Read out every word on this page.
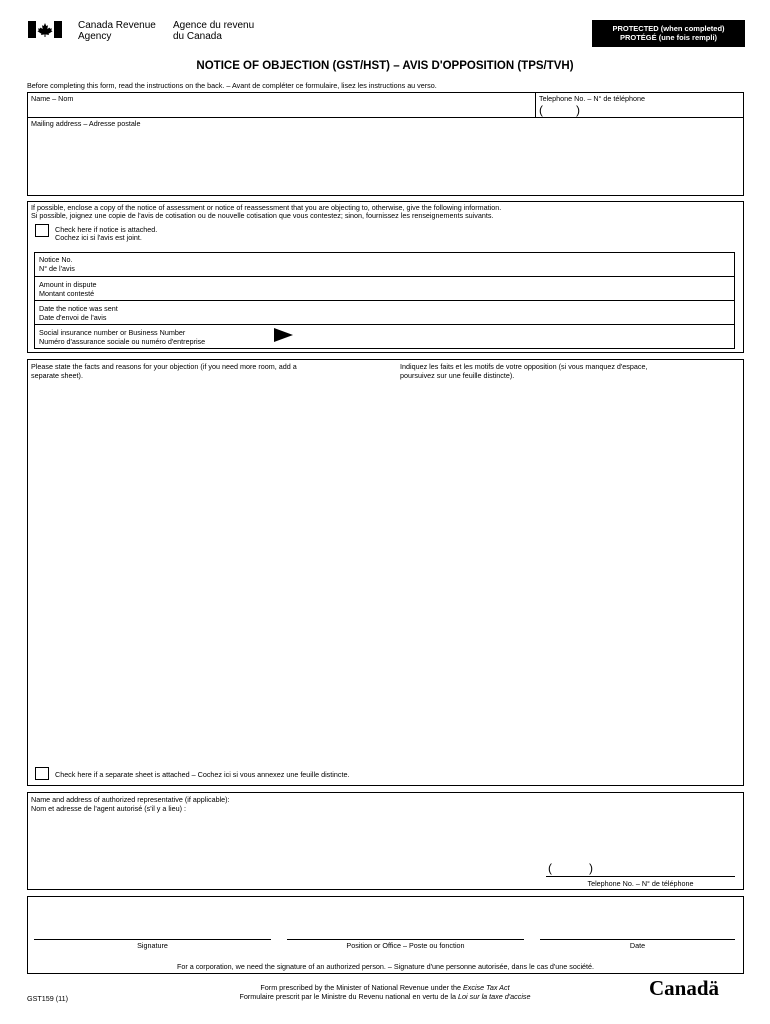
Canada Revenue
Agency
Agence du revenu
du Canada
PROTECTED (when completed)
PROTÉGÉ (une fois rempli)
NOTICE OF OBJECTION (GST/HST) – AVIS D'OPPOSITION (TPS/TVH)
Before completing this form, read the instructions on the back. – Avant de compléter ce formulaire, lisez les instructions au verso.
Name – Nom	Telephone No. – N° de téléphone
(	)
Mailing address – Adresse postale
If possible, enclose a copy of the notice of assessment or notice of reassessment that you are objecting to, otherwise, give the following information.
Si possible, joignez une copie de l'avis de cotisation ou de nouvelle cotisation que vous contestez; sinon, fournissez les renseignements suivants.
Check here if notice is attached.
Cochez ici si l'avis est joint.
Notice No.
N° de l'avis
Amount in dispute
Montant contesté
Date the notice was sent
Date d'envoi de l'avis
Social insurance number or Business Number
Numéro d'assurance sociale ou numéro d'entreprise
Please state the facts and reasons for your objection (if you need more room, add a
separate sheet).
Indiquez les faits et les motifs de votre opposition (si vous manquez d'espace,
poursuivez sur une feuille distincte).
Check here if a separate sheet is attached – Cochez ici si vous annexez une feuille distincte.
Name and address of authorized representative (if applicable):
Nom et adresse de l'agent autorisé (s'il y a lieu) :
(	)
Telephone No. – N° de téléphone
Signature	Position or Office – Poste ou fonction	Date
For a corporation, we need the signature of an authorized person. – Signature d'une personne autorisée, dans le cas d'une société.
GST159 (11)
Form prescribed by the Minister of National Revenue under the Excise Tax Act
Formulaire prescrit par le Ministre du Revenu national en vertu de la Loi sur la taxe d'accise	Canadä
